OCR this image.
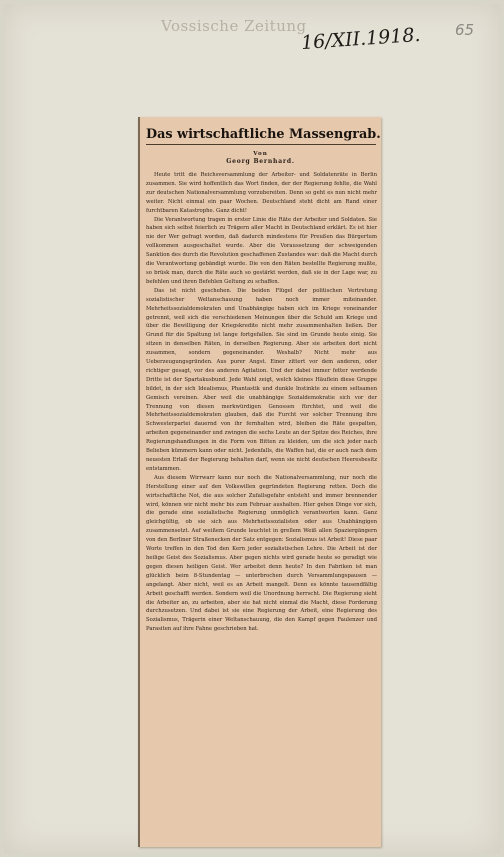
Vossische Zeitung
16/XII.1918. 65
Das wirtschaftliche Massengrab.
Von
Georg Bernhard.

Heute tritt die Reichsversammlung der Arbeiter- und Soldatenräte in Berlin zusammen. Sie wird hoffentlich das Wort finden, der der Regierung fehlte, die Wahl zur deutschen Nationalversammlung vorzubereiten. Denn so geht es nun nicht mehr weiter. Nicht einmal ein paar Wochen. Deutschland steht dicht am Rand einer furchtbaren Katastrophe. Ganz dicht!

Die Verantwortung tragen in erster Linie die Räte der Arbeiter und Soldaten. Sie haben sich selbst feierlich zu Trägern aller Macht in Deutschland erklärt. Es ist hier nie der Wer gefragt worden, daß dadurch mindestens für Preußen das Bürgertum vollkommen ausgeschaltet wurde. Aber die Voraussetzung der schweigenden Sanktion des durch die Revolution geschaffenen Zustandes war: daß die Macht durch die Verantwortung gebändigt wurde. Die von den Räten bestellte Regierung mußte, so brüsk man, durch die Räte auch so gestärkt werden, daß sie in der Lage war, zu befehlen und ihren Befehlen Geltung zu schaffen.

Das ist nicht geschehen. Die beiden Flügel der politischen Vertretung sozialistischer Weltanschauung haben noch immer miteinander. Mehrheitssozialdemokraten und Unabhängige haben sich im Kriege voneinander getrennt, weil sich die verschiedenen Meinungen über die Schuld am Kriege und über die Bewilligung der Kriegskredite nicht mehr zusammenhalten ließen. Der Grund für die Spaltung ist lange fortgefallen. Sie sind im Grunde heute einig. Sie sitzen in denselben Räten, in derselben Regierung. Aber sie arbeiten dort nicht zusammen, sondern gegeneinander. Weshalb? Nicht mehr aus Ueberzeugungsgründen. Aus purer Angst. Einer zittert vor dem anderen, oder richtiger gesagt, vor des anderen Agitation. Und der dabei immer fetter werdende Dritte ist der Spartakusbund. Jede Wahl zeigt, welch kleines Häuflein diese Gruppe bildet, in der sich Idealismus, Phantastik und dunkle Instinkte zu einem seltsamen Gemisch vereinen. Aber weil die unabhängige Sozialdemokratie sich vor der Trennung von diesen merkwürdigen Genossen fürchtet, und weil die Mehrheitssozialdemokraten glauben, daß die Furcht vor solcher Trennung ihre Schwesterpartei dauernd von ihr fernhalten wird, bleiben die Räte gespalten, arbeiten gegeneinander und zwingen die sechs Leute an der Spitze des Reiches, ihre Regierungshandlungen in die Form von Bitten zu kleiden, um die sich jeder nach Belieben kümmern kann oder nicht. Jedenfalls, die Waffen hat, die er auch nach dem neuesten Erlaß der Regierung behalten darf, wenn sie nicht deutschen Heeresbesitz entstammen.

Aus diesem Wirrwarr kann nur noch die Nationalversammlung, nur noch die Herstellung einer auf den Volkswillen gegründeten Regierung retten. Doch die wirtschaftliche Not, die aus solcher Zufallsgefahr entsteht und immer brennender wird, können wir nicht mehr bis zum Februar aushalten. Hier gehen Dinge vor sich, die gerade eine sozialistische Regierung unmöglich verantworten kann. Ganz gleichgültig, ob sie sich aus Mehrheitssozialisten oder aus Unabhängigen zusammensetzt. Auf weißem Grunde leuchtet in grellem Weiß allen Spaziergängern von den Berliner Straßenecken der Satz entgegen: Sozialismus ist Arbeit! Diese paar Worte treffen in den Tod den Kern jeder sozialistischen Lehre. Die Arbeit ist der heilige Geist des Sozialismus. Aber gegen nichts wird gerade heute so geradigt wie gegen diesen heiligen Geist. Wer arbeitet denn heute? In den Fabriken ist man glücklich beim 8-Stundentag — unterbrochen durch Versammlungspausen — angelangt. Aber nicht, weil es an Arbeit mangelt. Denn es könnte tausendfältig Arbeit geschafft werden. Sondern weil die Unordnung herrscht. Die Regierung sieht die Arbeiter an, zu arbeiten, aber sie hat nicht einmal die Macht, diese Forderung durchzusetzen. Und dabei ist sie eine Regierung der Arbeit, eine Regierung des Sozialismus, Trägerin einer Weltanschauung, die den Kampf gegen Faulenzer und Parasiten auf ihre Fahne geschrieben hat.
